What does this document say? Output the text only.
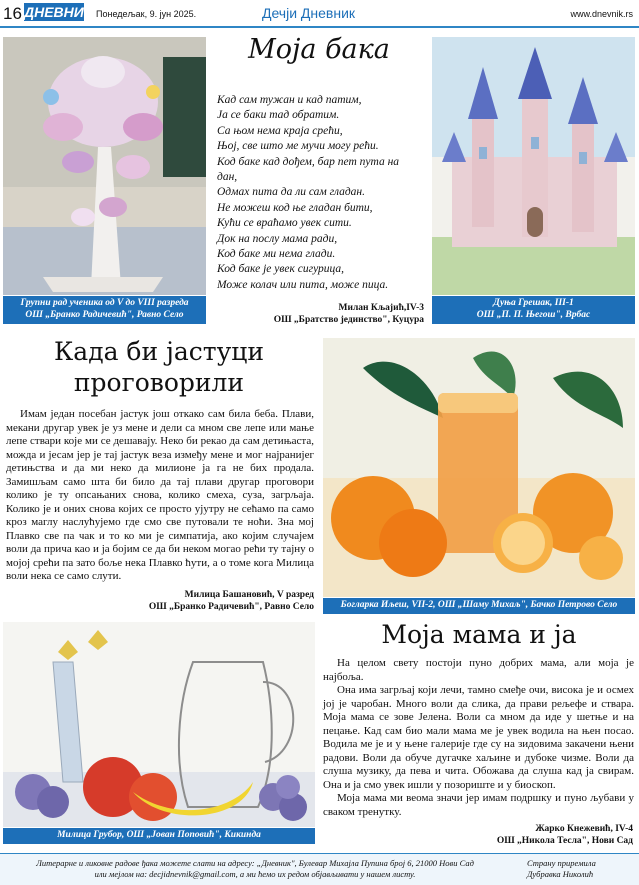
16 ДНЕВНИК Понедељак, 9. јун 2025.	Дечји Дневник	www.dnevnik.rs
Групни рад ученика од V до VIII разреда
ОШ „Бранко Радичевић", Равно Село
Моја бака
Кад сам тужан и кад патим,
Ја се баки тад обратим.
Са њом нема краја срећи,
Њој, све што ме мучи могу рећи.
Код баке кад дођем, бар пет пута на
дан,
Одмах пита да ли сам гладан.
Не можеш код ње гладан бити,
Кући се враћамо увек сити.
Док на послу мама ради,
Код баке ми нема глади.
Код баке је увек сигурица,
Може колач или пита, може пица.
Милан Кљајић,IV-3
ОШ „Братство јединство", Куцура
Дуња Грешак, III-1
ОШ „П. П. Његош", Врбас
Када би јастуци
проговорили

Имам један посебан јастук још откако сам била беба. Плави, мекани другар увек је уз мене и дели са мном све лепе или мање лепе ствари које ми се дешавају. Неко би рекао да сам детињаста, можда и јесам јер је тај јастук веза између мене и мог најранијег детињства и да ми неко да милионе ја га не бих продала. Замишљам само шта би било да тај плави другар проговори колико је ту опсањаних снова, колико смеха, суза, загрљаја. Колико је и оних снова којих се просто ујутру не сећамо па само кроз маглу наслућујемо где смо све путовали те ноћи. Зна мој Плавко све па чак и то ко ми је симпатија, ако којим случајем воли да прича као и ја бојим се да би неком могао рећи ту тајну о мојој срећи па зато боље нека Плавко ћути, а о томе кога Милица воли нека се само слути.

Милица Башановић, V разред
ОШ „Бранко Радичевић", Равно Село	Богларка Иљеш, VII-2, ОШ „Шаму Михаљ", Бачко Петрово Село
Милица Грубор, ОШ „Јован Поповић", Кикинда
Моја мама и ја

На целом свету постоји пуно добрих мама, али моја је најбоља.

Она има загрљај који лечи, тамно смеђе очи, висока је и осмех јој је чаробан. Много воли да слика, да прави рељефе и ствара. Моја мама се зове Јелена. Воли са мном да иде у шетње и на пецање. Кад сам био мали мама ме је увек водила на њен посао. Водила ме је и у њене галерије где су на зидовима закачени њени радови. Воли да обуче дугачке хаљине и дубоке чизме. Воли да слуша музику, да пева и чита. Обожава да слуша кад ја свирам. Она и ја смо увек ишли у позориште и у биоскоп.

Моја мама ми веома значи јер имам подршку и пуно љубави у сваком тренутку.

Жарко Кнежевић, IV-4
ОШ „Никола Тесла", Нови Сад
Литерарне и ликовне радове ђака можете слати на адресу: „Дневник", Булевар Михајла Пупина број 6, 21000 Нови Сад
или мејлом на: decjidnevnik@gmail.com, а ми ћемо их редом објављивати у нашем листу.
Страну приремила
Дубравка Николић
